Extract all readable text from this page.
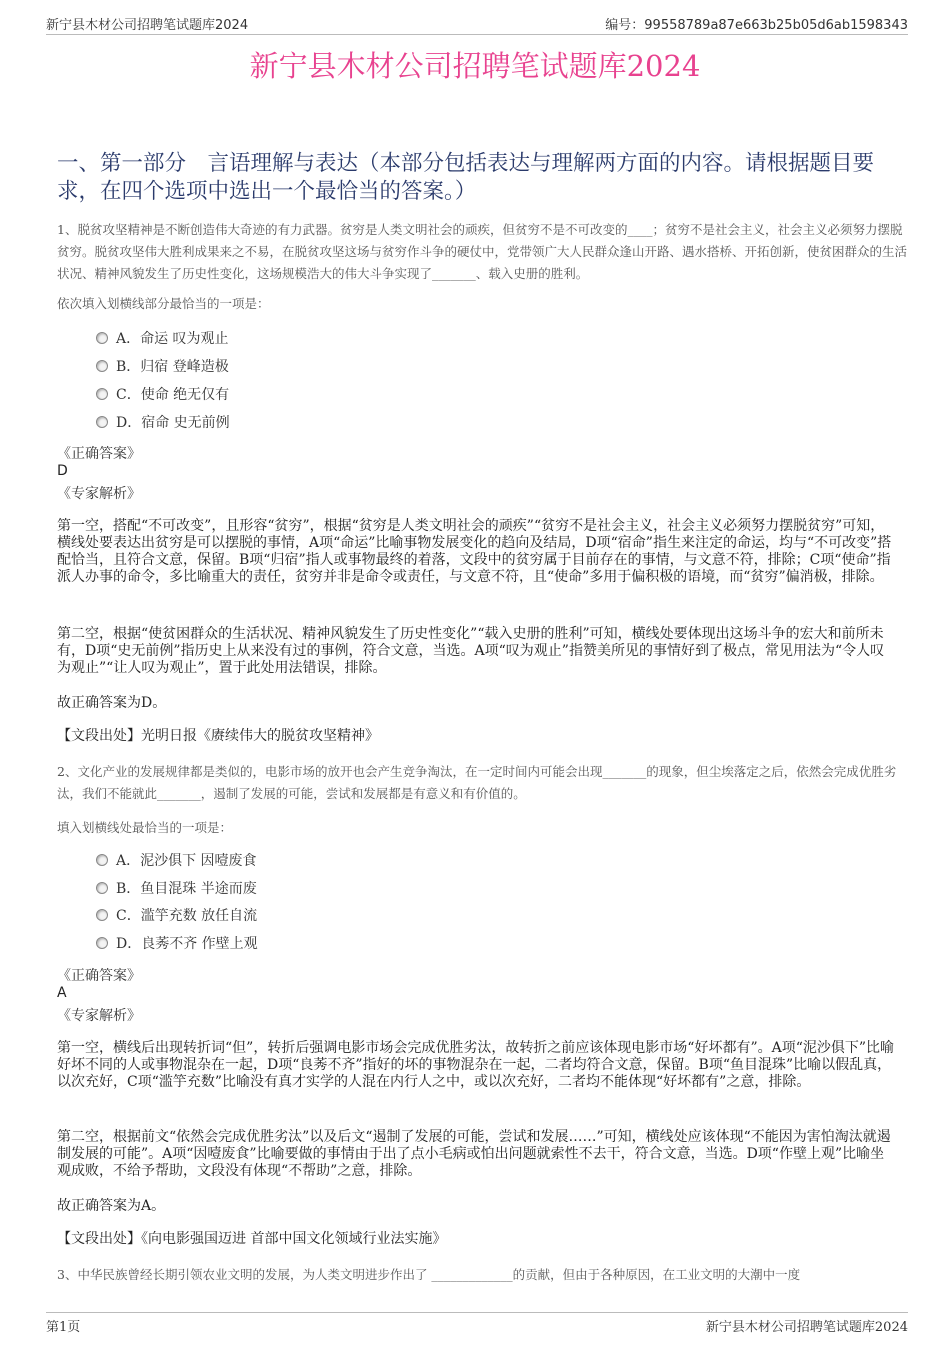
新宁县木材公司招聘笔试题库2024	编号：99558789a87e663b25b05d6ab1598343
新宁县木材公司招聘笔试题库2024
一、第一部分　言语理解与表达（本部分包括表达与理解两方面的内容。请根据题目要求，在四个选项中选出一个最恰当的答案。）
1、脱贫攻坚精神是不断创造伟大奇迹的有力武器。贫穷是人类文明社会的顽疾，但贫穷不是不可改变的____；贫穷不是社会主义，社会主义必须努力摆脱贫穷。脱贫攻坚伟大胜利成果来之不易，在脱贫攻坚这场与贫穷作斗争的硬仗中，党带领广大人民群众逢山开路、遇水搭桥、开拓创新，使贫困群众的生活状况、精神风貌发生了历史性变化，这场规模浩大的伟大斗争实现了_______、载入史册的胜利。
依次填入划横线部分最恰当的一项是：
A．命运 叹为观止
B．归宿 登峰造极
C．使命 绝无仅有
D．宿命 史无前例
《正确答案》
D
《专家解析》
第一空，搭配“不可改变”，且形容“贫穷”，根据“贫穷是人类文明社会的顽疾”“贫穷不是社会主义，社会主义必须努力摆脱贫穷”可知，横线处要表达出贫穷是可以摆脱的事情，A项“命运”比喻事物发展变化的趋向及结局，D项“宿命”指生来注定的命运，均与“不可改变”搭配恰当，且符合文意，保留。B项“归宿”指人或事物最终的着落，文段中的贫穷属于目前存在的事情，与文意不符，排除；C项“使命”指派人办事的命令，多比喻重大的责任，贫穷并非是命令或责任，与文意不符，且“使命”多用于偏积极的语境，而“贫穷”偏消极，排除。
第二空，根据“使贫困群众的生活状况、精神风貌发生了历史性变化”“载入史册的胜利”可知，横线处要体现出这场斗争的宏大和前所未有，D项“史无前例”指历史上从来没有过的事例，符合文意，当选。A项“叹为观止”指赞美所见的事情好到了极点，常见用法为“令人叹为观止”“让人叹为观止”，置于此处用法错误，排除。
故正确答案为D。
【文段出处】光明日报《赓续伟大的脱贫攻坚精神》
2、文化产业的发展规律都是类似的，电影市场的放开也会产生竞争淘汰，在一定时间内可能会出现_______的现象，但尘埃落定之后，依然会完成优胜劣汰，我们不能就此_______，遏制了发展的可能，尝试和发展都是有意义和有价值的。
填入划横线处最恰当的一项是：
A．泥沙俱下 因噎废食
B．鱼目混珠 半途而废
C．滥竽充数 放任自流
D．良莠不齐 作壁上观
《正确答案》
A
《专家解析》
第一空，横线后出现转折词“但”，转折后强调电影市场会完成优胜劣汰，故转折之前应该体现电影市场“好坏都有”。A项“泥沙俱下”比喻好坏不同的人或事物混杂在一起，D项“良莠不齐”指好的坏的事物混杂在一起，二者均符合文意，保留。B项“鱼目混珠”比喻以假乱真，以次充好，C项“滥竽充数”比喻没有真才实学的人混在内行人之中，或以次充好，二者均不能体现“好坏都有”之意，排除。
第二空，根据前文“依然会完成优胜劣汰”以及后文“遏制了发展的可能，尝试和发展……”可知，横线处应该体现“不能因为害怕淘汰就遏制发展的可能”。A项“因噎废食”比喻要做的事情由于出了点小毛病或怕出问题就索性不去干，符合文意，当选。D项“作壁上观”比喻坐观成败，不给予帮助，文段没有体现“不帮助”之意，排除。
故正确答案为A。
【文段出处】《向电影强国迈进 首部中国文化领域行业法实施》
3、中华民族曾经长期引领农业文明的发展，为人类文明进步作出了 _____________的贡献，但由于各种原因，在工业文明的大潮中一度
第1页	新宁县木材公司招聘笔试题库2024
